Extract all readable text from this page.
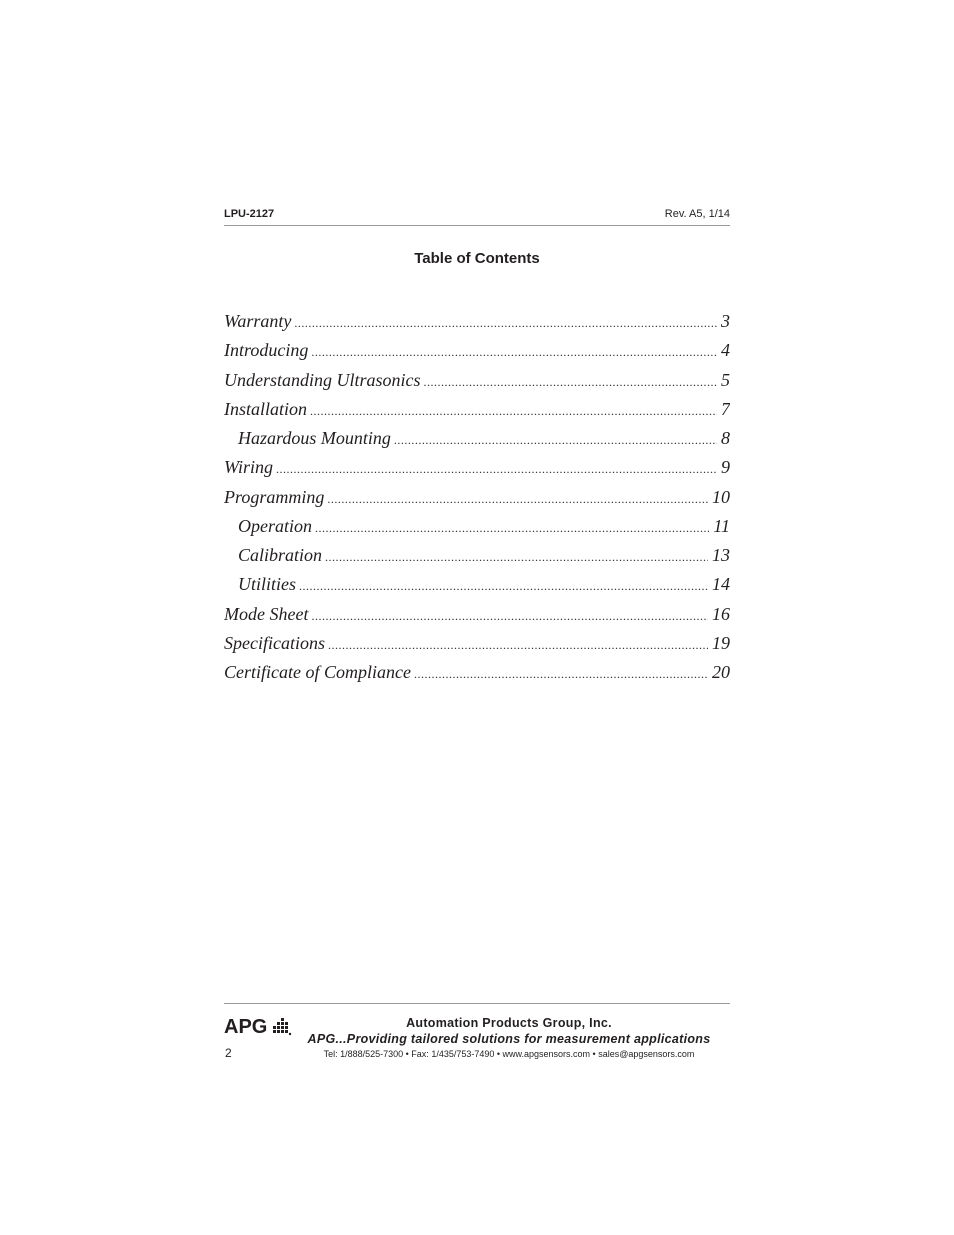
LPU-2127	Rev. A5, 1/14
Table of Contents
Warranty .....	3
Introducing .....	4
Understanding Ultrasonics .....	5
Installation .....	7
Hazardous Mounting .....	8
Wiring .....	9
Programming .....	10
Operation .....	11
Calibration .....	13
Utilities .....	14
Mode Sheet .....	16
Specifications .....	19
Certificate of Compliance .....	20
APG	Automation Products Group, Inc.
APG...Providing tailored solutions for measurement applications
Tel: 1/888/525-7300 • Fax: 1/435/753-7490 • www.apgsensors.com • sales@apgsensors.com
2
